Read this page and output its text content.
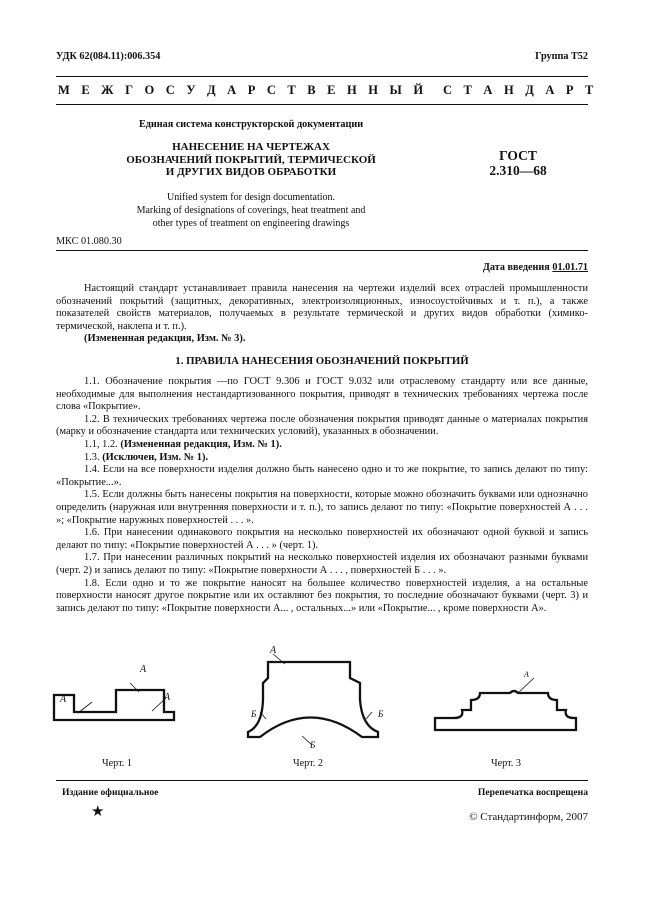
УДК 62(084.11):006.354	Группа Т52
М Е Ж Г О С У Д А Р С Т В Е Н Н Ы Й С Т А Н Д А Р Т
Единая система конструкторской документации
НАНЕСЕНИЕ НА ЧЕРТЕЖАХ
ОБОЗНАЧЕНИЙ ПОКРЫТИЙ, ТЕРМИЧЕСКОЙ
И ДРУГИХ ВИДОВ ОБРАБОТКИ
Unified system for design documentation.
Marking of designations of coverings, heat treatment and
other types of treatment on engineering drawings
ГОСТ
2.310—68
МКС 01.080.30
Дата введения 01.01.71

Настоящий стандарт устанавливает правила нанесения на чертежи изделий всех отраслей промышленности обозначений покрытий (защитных, декоративных, электроизоляционных, износоустойчивых и т. п.), а также показателей свойств материалов, получаемых в результате термической и других видов обработки (химико-термической, наклепа и т. п.).

(Измененная редакция, Изм. № 3).

1. ПРАВИЛА НАНЕСЕНИЯ ОБОЗНАЧЕНИЙ ПОКРЫТИЙ

1.1. Обозначение покрытия —по ГОСТ 9.306 и ГОСТ 9.032 или отраслевому стандарту или все данные, необходимые для выполнения нестандартизованного покрытия, приводят в технических требованиях чертежа после слова «Покрытие».

1.2. В технических требованиях чертежа после обозначения покрытия приводят данные о материалах покрытия (марку и обозначение стандарта или технических условий), указанных в обозначении.

1.1, 1.2. (Измененная редакция, Изм. № 1).

1.3. (Исключен, Изм. № 1).

1.4. Если на все поверхности изделия должно быть нанесено одно и то же покрытие, то запись делают по типу: «Покрытие...».

1.5. Если должны быть нанесены покрытия на поверхности, которые можно обозначить буквами или однозначно определить (наружная или внутренняя поверхности и т. п.), то запись делают по типу: «Покрытие поверхностей А . . . »; «Покрытие наружных поверхностей . . . ».

1.6. При нанесении одинакового покрытия на несколько поверхностей их обозначают одной буквой и запись делают по типу: «Покрытие поверхностей А . . . » (черт. 1).

1.7. При нанесении различных покрытий на несколько поверхностей изделия их обозначают разными буквами (черт. 2) и запись делают по типу: «Покрытие поверхности А . . . , поверхностей Б . . . ».

1.8. Если одно и то же покрытие наносят на большее количество поверхностей изделия, а на остальные поверхности наносят другое покрытие или их оставляют без покрытия, то последние обозначают буквами (черт. 3) и запись делают по типу: «Покрытие поверхности А... , остальных...» или «Покрытие... , кроме поверхности А».

А
А
А
А
Б	Б
Б
А
Черт. 1	Черт. 2	Черт. 3
Издание официальное	Перепечатка воспрещена
★	© Стандартинформ, 2007
